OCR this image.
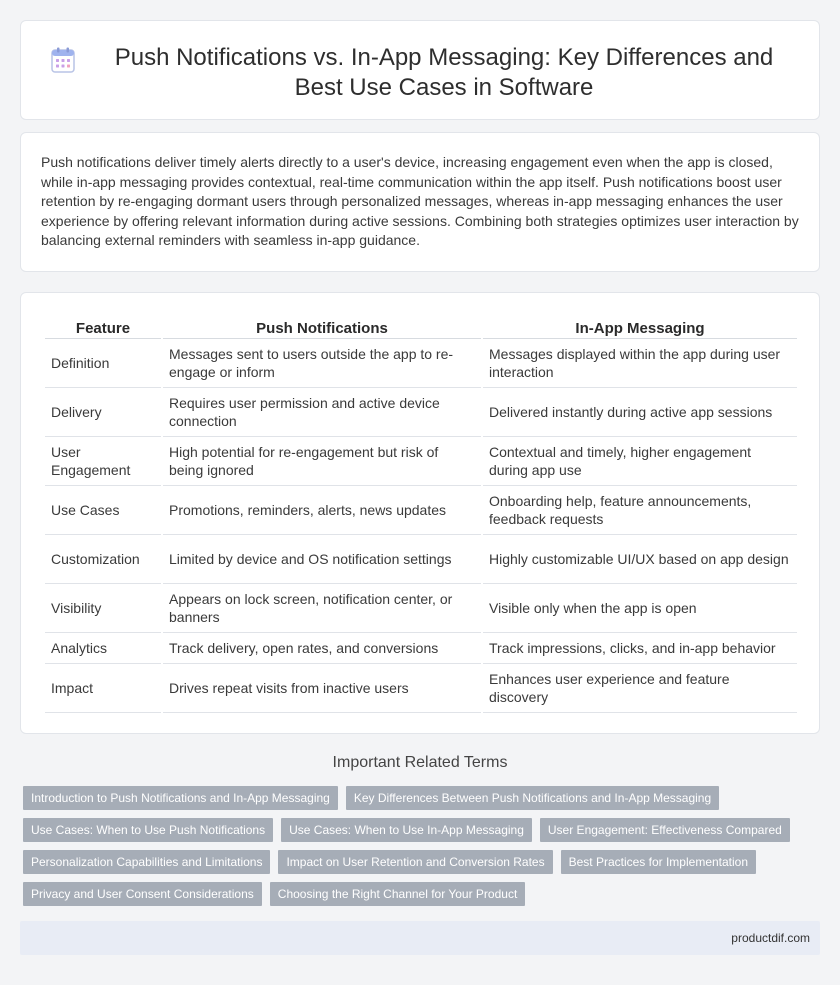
Push Notifications vs. In-App Messaging: Key Differences and Best Use Cases in Software

Push notifications deliver timely alerts directly to a user's device, increasing engagement even when the app is closed, while in-app messaging provides contextual, real-time communication within the app itself. Push notifications boost user retention by re-engaging dormant users through personalized messages, whereas in-app messaging enhances the user experience by offering relevant information during active sessions. Combining both strategies optimizes user interaction by balancing external reminders with seamless in-app guidance.

Feature	Push Notifications	In-App Messaging
Definition	Messages sent to users outside the app to re-engage or inform	Messages displayed within the app during user interaction
Delivery	Requires user permission and active device connection	Delivered instantly during active app sessions
User Engagement	High potential for re-engagement but risk of being ignored	Contextual and timely, higher engagement during app use
Use Cases	Promotions, reminders, alerts, news updates	Onboarding help, feature announcements, feedback requests
Customization	Limited by device and OS notification settings	Highly customizable UI/UX based on app design
Visibility	Appears on lock screen, notification center, or banners	Visible only when the app is open
Analytics	Track delivery, open rates, and conversions	Track impressions, clicks, and in-app behavior
Impact	Drives repeat visits from inactive users	Enhances user experience and feature discovery
Important Related Terms
Introduction to Push Notifications and In-App Messaging	Key Differences Between Push Notifications and In-App Messaging
Use Cases: When to Use Push Notifications	Use Cases: When to Use In-App Messaging	User Engagement: Effectiveness Compared
Personalization Capabilities and Limitations	Impact on User Retention and Conversion Rates	Best Practices for Implementation
Privacy and User Consent Considerations	Choosing the Right Channel for Your Product
productdif.com
